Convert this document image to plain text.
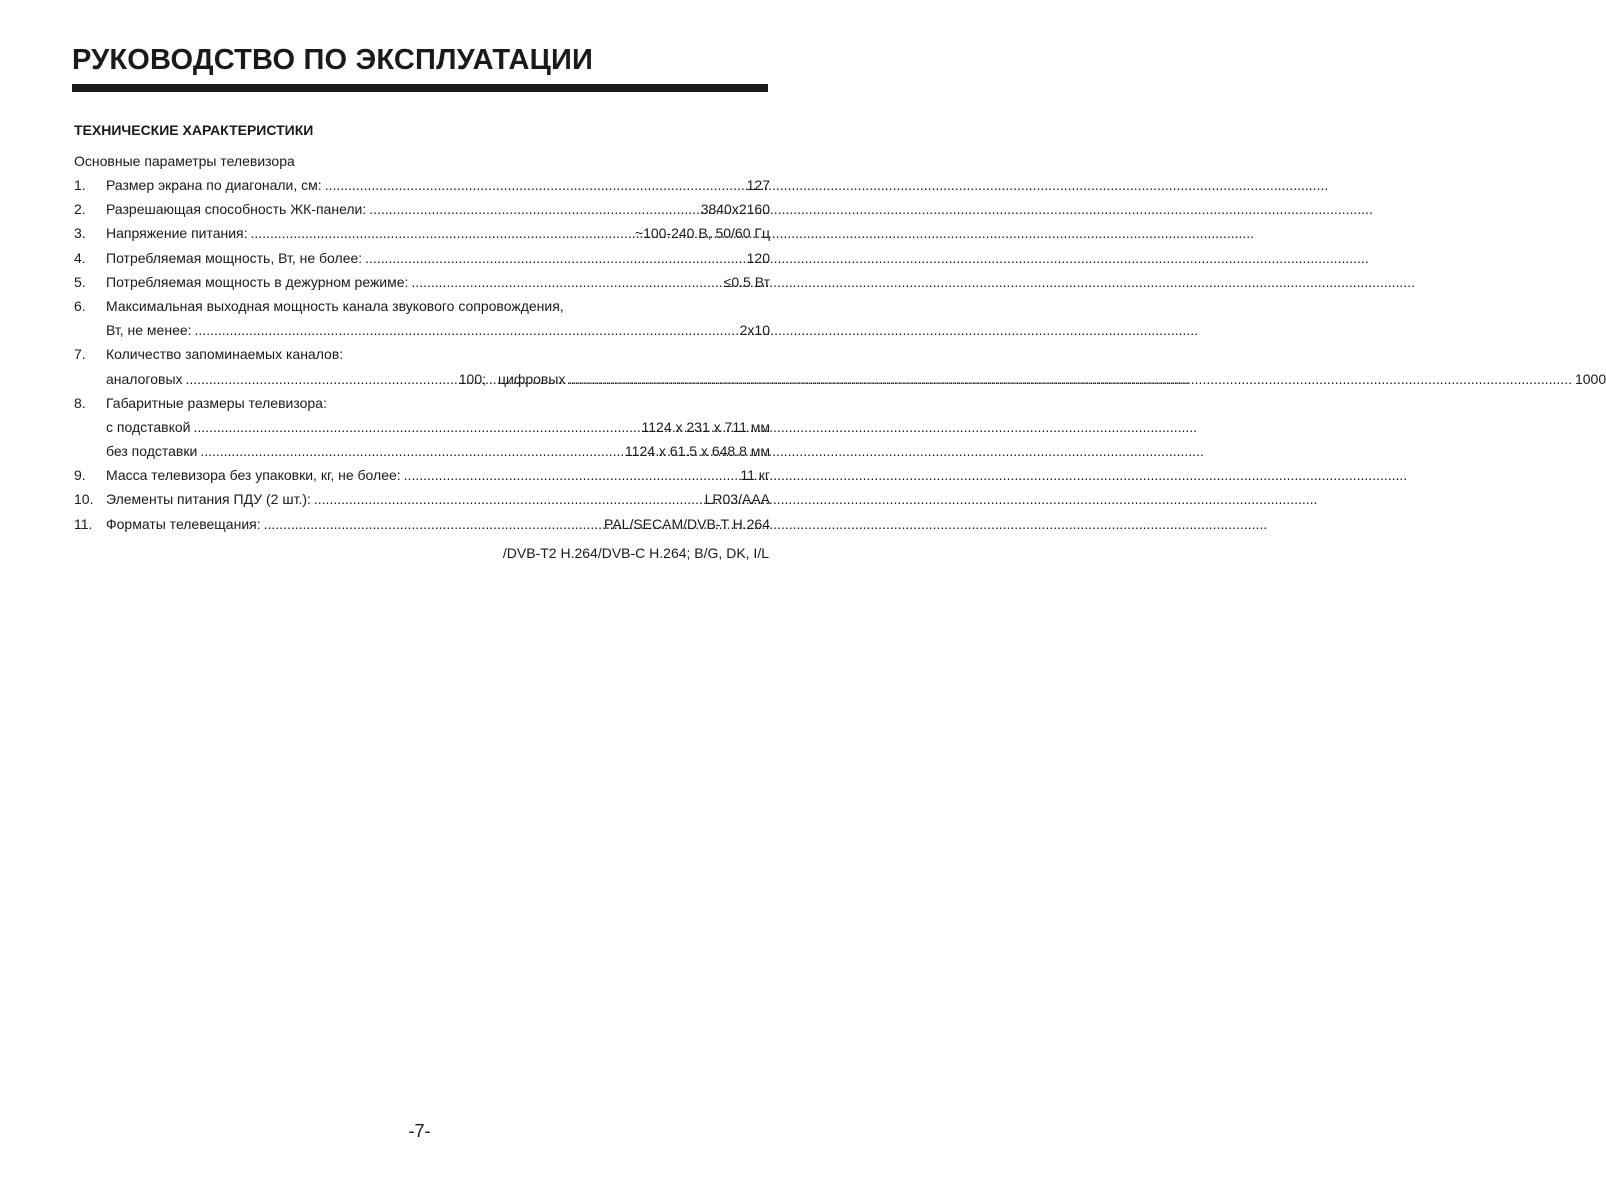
РУКОВОДСТВО ПО ЭКСПЛУАТАЦИИ
ТЕХНИЧЕСКИЕ ХАРАКТЕРИСТИКИ
Основные параметры телевизора
1.	Размер экрана по диагонали, см: .....	127
2.	Разрешающая способность ЖК-панели: .....	3840x2160
3.	Напряжение питания: .....	~100-240 В, 50/60 Гц
4.	Потребляемая мощность, Вт, не более: .....	120
5.	Потребляемая мощность в дежурном режиме: .....	≤0.5 Вт
6.	Максимальная выходная мощность канала звукового сопровождения,
Вт, не менее: .....	2x10
7.	Количество запоминаемых каналов:
аналоговых .....	100; цифровых .....	1000
8.	Габаритные размеры телевизора:
с подставкой .....	1124 x 231 x 711 мм
без подставки .....	1124 x 61.5 x 648.8 мм
9.	Масса телевизора без упаковки, кг, не более: .....	11 кг
10. Элементы питания ПДУ (2 шт.): .....	LR03/AAA
11. Форматы телевещания: .....	PAL/SECAM/DVB-T H.264
/DVB-T2 H.264/DVB-C H.264; B/G, DK, I/L
-7-
